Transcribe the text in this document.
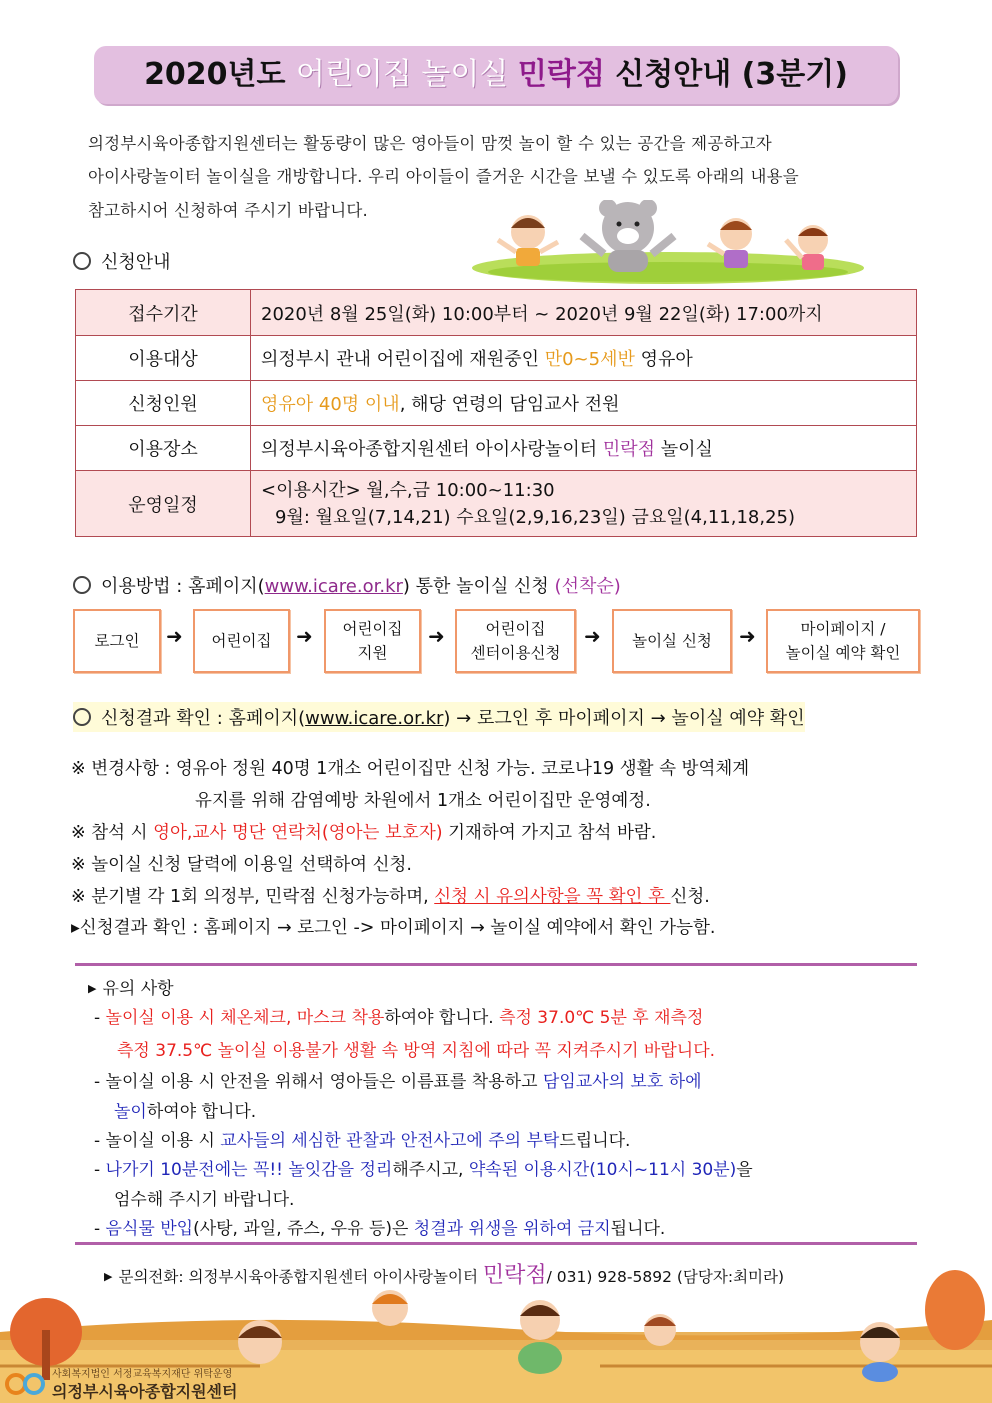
2020년도 어린이집 놀이실 민락점 신청안내 (3분기)
의정부시육아종합지원센터는 활동량이 많은 영아들이 맘껏 놀이 할 수 있는 공간을 제공하고자
아이사랑놀이터 놀이실을 개방합니다. 우리 아이들이 즐거운 시간을 보낼 수 있도록 아래의 내용을
참고하시어 신청하여 주시기 바랍니다.
신청안내
접수기간	2020년 8월 25일(화) 10:00부터 ~ 2020년 9월 22일(화) 17:00까지
이용대상	의정부시 관내 어린이집에 재원중인 만0~5세반 영유아
신청인원	영유아 40명 이내, 해당 연령의 담임교사 전원
이용장소	의정부시육아종합지원센터 아이사랑놀이터 민락점 놀이실
운영일정	<이용시간> 월,수,금 10:00~11:30
9월: 월요일(7,14,21) 수요일(2,9,16,23일) 금요일(4,11,18,25)
이용방법 : 홈페이지(www.icare.or.kr) 통한 놀이실 신청 (선착순)
로그인 ➜ 어린이집 ➜ 어린이집
지원
➜	어린이집
센터이용신청
➜ 놀이실 신청 ➜	마이페이지 /
놀이실 예약 확인
신청결과 확인 : 홈페이지(www.icare.or.kr) → 로그인 후 마이페이지 → 놀이실 예약 확인
※ 변경사항 : 영유아 정원 40명 1개소 어린이집만 신청 가능. 코로나19 생활 속 방역체계
유지를 위해 감염예방 차원에서 1개소 어린이집만 운영예정.
※ 참석 시 영아,교사 명단 연락처(영아는 보호자) 기재하여 가지고 참석 바람.
※ 놀이실 신청 달력에 이용일 선택하여 신청.
※ 분기별 각 1회 의정부, 민락점 신청가능하며, 신청 시 유의사항을 꼭 확인 후 신청.
▸신청결과 확인 : 홈페이지 → 로그인 -> 마이페이지 → 놀이실 예약에서 확인 가능함.
▶ 유의 사항
- 놀이실 이용 시 체온체크, 마스크 착용하여야 합니다. 측정 37.0℃ 5분 후 재측정
측정 37.5℃ 놀이실 이용불가 생활 속 방역 지침에 따라 꼭 지켜주시기 바랍니다.
- 놀이실 이용 시 안전을 위해서 영아들은 이름표를 착용하고 담임교사의 보호 하에
놀이하여야 합니다.
- 놀이실 이용 시 교사들의 세심한 관찰과 안전사고에 주의 부탁드립니다.
- 나가기 10분전에는 꼭!! 놀잇감을 정리해주시고, 약속된 이용시간(10시~11시 30분)을
엄수해 주시기 바랍니다.
- 음식물 반입(사탕, 과일, 쥬스, 우유 등)은 청결과 위생을 위하여 금지됩니다.
▶ 문의전화: 의정부시육아종합지원센터 아이사랑놀이터 민락점/ 031) 928-5892 (담당자:최미라)
사회복지법인 서정교육복지재단 위탁운영
의정부시육아종합지원센터
